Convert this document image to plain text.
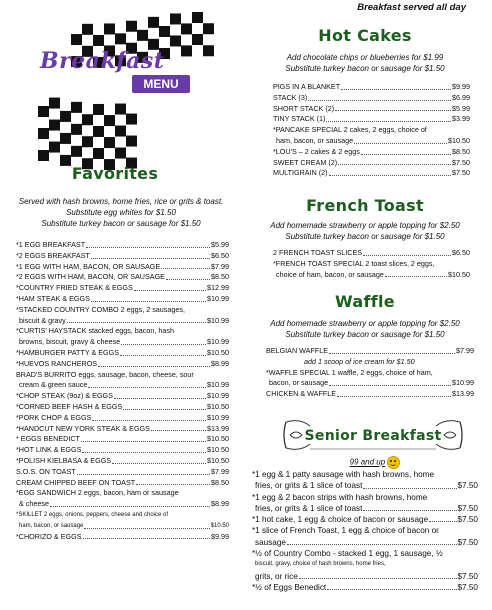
Breakfast served all day
Breakfast
MENU
Favorites
Served with hash browns, home fries, rice or grits & toast.
Substitute egg whites for $1.50
Substitute turkey bacon or sausage for $1.50
*1 EGG BREAKFAST	$5.99
*2 EGGS BREAKFAST	$6.50
*1 EGG WITH HAM, BACON, OR SAUSAGE	$7.99
*2 EGGS WITH HAM, BACON, OR SAUSAGE	$8.50
*COUNTRY FRIED STEAK & EGGS	$12.99
*HAM STEAK & EGGS	$10.99
*STACKED COUNTRY COMBO 2 eggs, 2 sausages,
biscuit & gravy	$10.99
*CURTIS' HAYSTACK stacked eggs, bacon, hash
browns, biscuit, gravy & cheese	$10.99
*HAMBURGER PATTY & EGGS	$10.50
*HUEVOS RANCHEROS	$8.99
BRAD'S BURRITO eggs, sausage, bacon, cheese, sour
cream & green sauce	$10.99
*CHOP STEAK (9oz) & EGGS	$10.99
*CORNED BEEF HASH & EGGS	$10.50
*PORK CHOP & EGGS	$10.99
*HANDCUT NEW YORK STEAK & EGGS	$13.99
* EGGS BENEDICT	$10.50
*HOT LINK & EGGS	$10.50
*POLISH KIELBASA & EGGS	$10.50
S.O.S. ON TOAST	$7.99
CREAM CHIPPED BEEF ON TOAST	$8.50
*EGG SANDWICH 2 eggs, bacon, ham or sausage
& cheese	$8.99
*SKILLET 2 eggs, onions, peppers, cheese and choice of
ham, bacon, or sausage	$10.50
*CHORIZO & EGGS	$9.99
Hot Cakes
Add chocolate chips or blueberries for $1.99
Substitute turkey bacon or sausage for $1.50
PIGS IN A BLANKET	$9.99
STACK (3)	$6.99
SHORT STACK (2)	$5.99
TINY STACK (1)	$3.99
*PANCAKE SPECIAL 2 cakes, 2 eggs, choice of
ham, bacon, or sausage	$10.50
*LOU'S – 2 cakes & 2 eggs	$8.50
SWEET CREAM (2)	$7.50
MULTIGRAIN (2)	$7.50
French Toast
Add homemade strawberry or apple topping for $2.50
Substitute turkey bacon or sausage for $1.50
2 FRENCH TOAST SLICES	$6.50
*FRENCH TOAST SPECIAL 2 toast slices, 2 eggs,
choice of ham, bacon, or sausage	$10.50
Waffle
Add homemade strawberry or apple topping for $2.50
Substitute turkey bacon or sausage for $1.50
BELGIAN WAFFLE	$7.99
add 1 scoop of ice cream for $1.50
*WAFFLE SPECIAL 1 waffle, 2 eggs, choice of ham,
bacon, or sausage	$10.99
CHICKEN & WAFFLE	$13.99
Senior Breakfast
99 and up
*1 egg & 1 patty sausage with hash browns, home
fries, or grits & 1 slice of toast	$7.50
*1 egg & 2 bacon strips with hash browns, home
fries, or grits & 1 slice of toast	$7.50
*1 hot cake, 1 egg & choice of bacon or sausage	$7.50
*1 slice of French Toast, 1 egg & choice of bacon or
sausage	$7.50
*½ of Country Combo - stacked 1 egg, 1 sausage, ½
biscuit, gravy, choice of hash browns, home fries,
grits, or rice	$7.50
*½ of Eggs Benedict	$7.50
